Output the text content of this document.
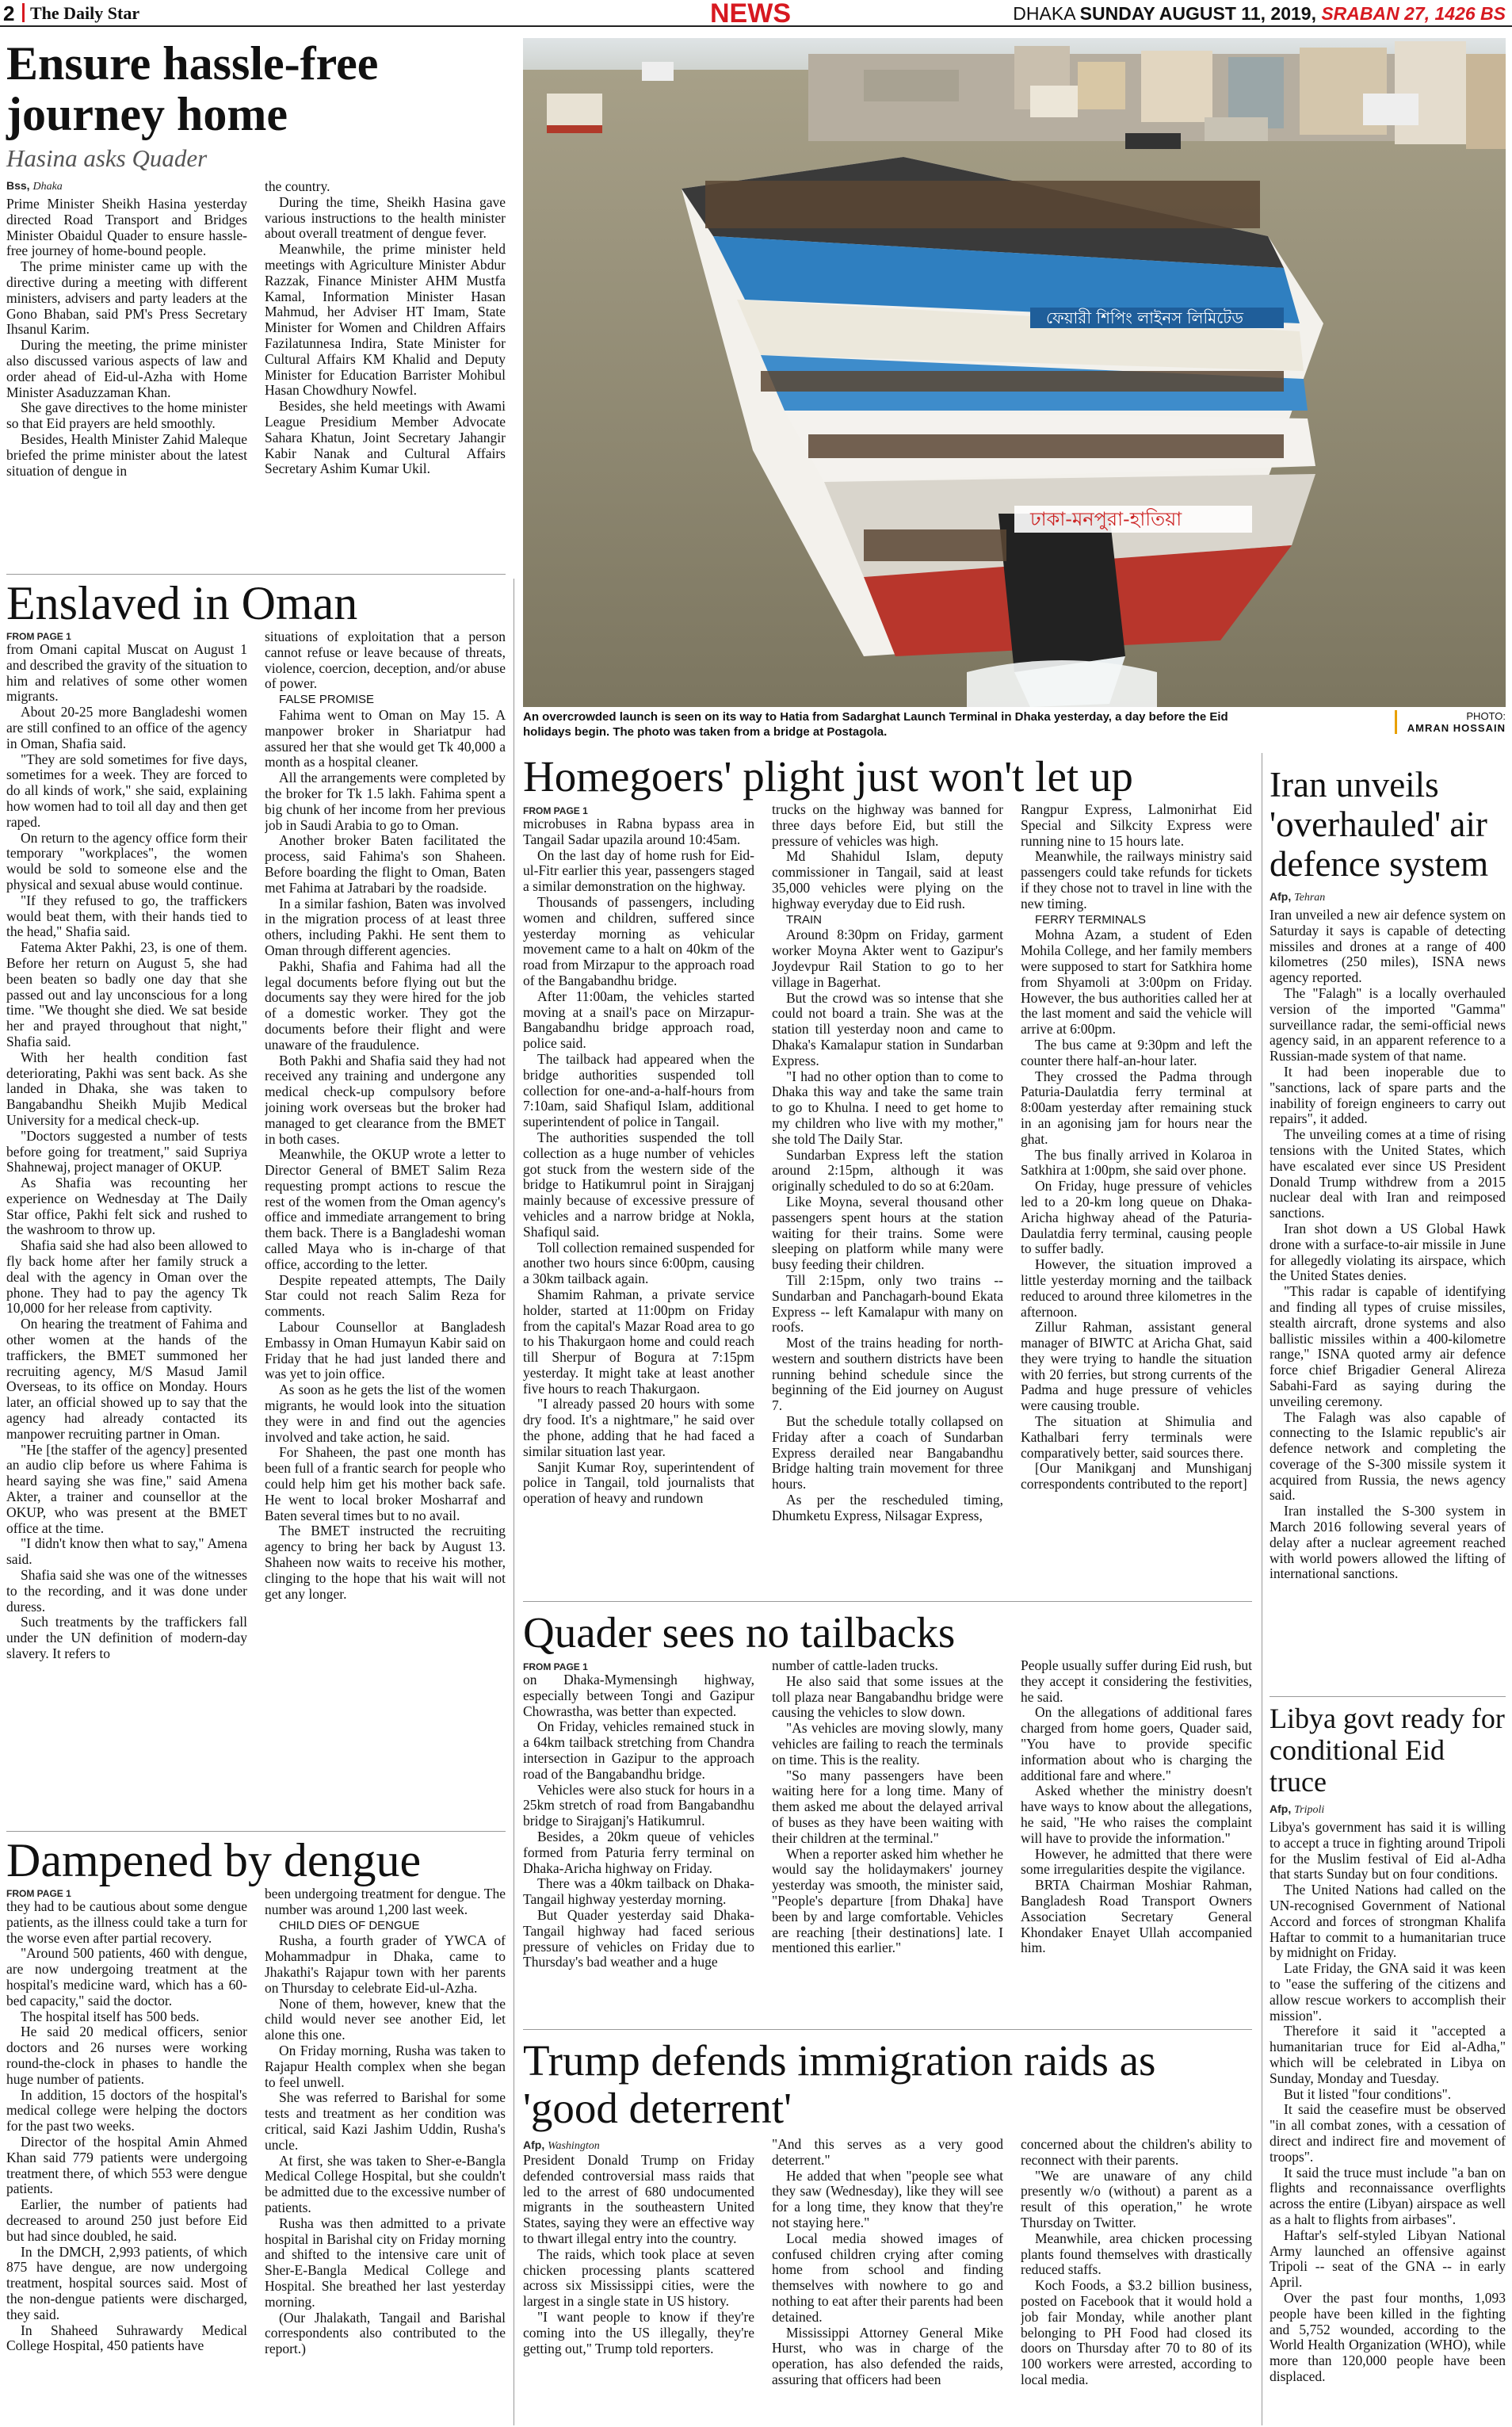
2 The Daily Star	NEWS	DHAKA SUNDAY AUGUST 11, 2019, SRABAN 27, 1426 BS
Ensure hassle-free journey home
Hasina asks Quader
Bss, Dhaka

Prime Minister Sheikh Hasina yesterday directed Road Transport and Bridges Minister Obaidul Quader to ensure hassle-free journey of home-bound people.

The prime minister came up with the directive during a meeting with different ministers, advisers and party leaders at the Gono Bhaban, said PM's Press Secretary Ihsanul Karim.

During the meeting, the prime minister also discussed various aspects of law and order ahead of Eid-ul-Azha with Home Minister Asaduzzaman Khan.

She gave directives to the home minister so that Eid prayers are held smoothly.

Besides, Health Minister Zahid Maleque briefed the prime minister about the latest situation of dengue in

the country.

During the time, Sheikh Hasina gave various instructions to the health minister about overall treatment of dengue fever.

Meanwhile, the prime minister held meetings with Agriculture Minister Abdur Razzak, Finance Minister AHM Mustfa Kamal, Information Minister Hasan Mahmud, her Adviser HT Imam, State Minister for Women and Children Affairs Fazilatunnesa Indira, State Minister for Cultural Affairs KM Khalid and Deputy Minister for Education Barrister Mohibul Hasan Chowdhury Nowfel.

Besides, she held meetings with Awami League Presidium Member Advocate Sahara Khatun, Joint Secretary Jahangir Kabir Nanak and Cultural Affairs Secretary Ashim Kumar Ukil.

ফেয়ারী শিপিং লাইনস লিমিটেড
ঢাকা-মনপুরা-হাতিয়া
An overcrowded launch is seen on its way to Hatia from Sadarghat Launch Terminal in Dhaka yesterday, a day before the Eid holidays begin. The photo was taken from a bridge at Postagola.
PHOTO:
AMRAN HOSSAIN
Enslaved in Oman
FROM PAGE 1

from Omani capital Muscat on August 1 and described the gravity of the situation to him and relatives of some other women migrants.

About 20-25 more Bangladeshi women are still confined to an office of the agency in Oman, Shafia said.

"They are sold sometimes for five days, sometimes for a week. They are forced to do all kinds of work," she said, explaining how women had to toil all day and then get raped.

On return to the agency office form their temporary "workplaces", the women would be sold to someone else and the physical and sexual abuse would continue.

"If they refused to go, the traffickers would beat them, with their hands tied to the head," Shafia said.

Fatema Akter Pakhi, 23, is one of them. Before her return on August 5, she had been beaten so badly one day that she passed out and lay unconscious for a long time. "We thought she died. We sat beside her and prayed throughout that night," Shafia said.

With her health condition fast deteriorating, Pakhi was sent back. As she landed in Dhaka, she was taken to Bangabandhu Sheikh Mujib Medical University for a medical check-up.

"Doctors suggested a number of tests before going for treatment," said Supriya Shahnewaj, project manager of OKUP.

As Shafia was recounting her experience on Wednesday at The Daily Star office, Pakhi felt sick and rushed to the washroom to throw up.

Shafia said she had also been allowed to fly back home after her family struck a deal with the agency in Oman over the phone. They had to pay the agency Tk 10,000 for her release from captivity.

On hearing the treatment of Fahima and other women at the hands of the traffickers, the BMET summoned her recruiting agency, M/S Masud Jamil Overseas, to its office on Monday. Hours later, an official showed up to say that the agency had already contacted its manpower recruiting partner in Oman.

"He [the staffer of the agency] presented an audio clip before us where Fahima is heard saying she was fine," said Amena Akter, a trainer and counsellor at the OKUP, who was present at the BMET office at the time.

"I didn't know then what to say," Amena said.

Shafia said she was one of the witnesses to the recording, and it was done under duress.

Such treatments by the traffickers fall under the UN definition of modern-day slavery. It refers to

situations of exploitation that a person cannot refuse or leave because of threats, violence, coercion, deception, and/or abuse of power.

FALSE PROMISE

Fahima went to Oman on May 15. A manpower broker in Shariatpur had assured her that she would get Tk 40,000 a month as a hospital cleaner.

All the arrangements were completed by the broker for Tk 1.5 lakh. Fahima spent a big chunk of her income from her previous job in Saudi Arabia to go to Oman.

Another broker Baten facilitated the process, said Fahima's son Shaheen. Before boarding the flight to Oman, Baten met Fahima at Jatrabari by the roadside.

In a similar fashion, Baten was involved in the migration process of at least three others, including Pakhi. He sent them to Oman through different agencies.

Pakhi, Shafia and Fahima had all the legal documents before flying out but the documents say they were hired for the job of a domestic worker. They got the documents before their flight and were unaware of the fraudulence.

Both Pakhi and Shafia said they had not received any training and undergone any medical check-up compulsory before joining work overseas but the broker had managed to get clearance from the BMET in both cases.

Meanwhile, the OKUP wrote a letter to Director General of BMET Salim Reza requesting prompt actions to rescue the rest of the women from the Oman agency's office and immediate arrangement to bring them back. There is a Bangladeshi woman called Maya who is in-charge of that office, according to the letter.

Despite repeated attempts, The Daily Star could not reach Salim Reza for comments.

Labour Counsellor at Bangladesh Embassy in Oman Humayun Kabir said on Friday that he had just landed there and was yet to join office.

As soon as he gets the list of the women migrants, he would look into the situation they were in and find out the agencies involved and take action, he said.

For Shaheen, the past one month has been full of a frantic search for people who could help him get his mother back safe. He went to local broker Mosharraf and Baten several times but to no avail.

The BMET instructed the recruiting agency to bring her back by August 13. Shaheen now waits to receive his mother, clinging to the hope that his wait will not get any longer.

Dampened by dengue
FROM PAGE 1

they had to be cautious about some dengue patients, as the illness could take a turn for the worse even after partial recovery.

"Around 500 patients, 460 with dengue, are now undergoing treatment at the hospital's medicine ward, which has a 60-bed capacity," said the doctor.

The hospital itself has 500 beds.

He said 20 medical officers, senior doctors and 26 nurses were working round-the-clock in phases to handle the huge number of patients.

In addition, 15 doctors of the hospital's medical college were helping the doctors for the past two weeks.

Director of the hospital Amin Ahmed Khan said 779 patients were undergoing treatment there, of which 553 were dengue patients.

Earlier, the number of patients had decreased to around 250 just before Eid but had since doubled, he said.

In the DMCH, 2,993 patients, of which 875 have dengue, are now undergoing treatment, hospital sources said. Most of the non-dengue patients were discharged, they said.

In Shaheed Suhrawardy Medical College Hospital, 450 patients have

been undergoing treatment for dengue. The number was around 1,200 last week.

CHILD DIES OF DENGUE

Rusha, a fourth grader of YWCA of Mohammadpur in Dhaka, came to Jhakathi's Rajapur town with her parents on Thursday to celebrate Eid-ul-Azha.

None of them, however, knew that the child would never see another Eid, let alone this one.

On Friday morning, Rusha was taken to Rajapur Health complex when she began to feel unwell.

She was referred to Barishal for some tests and treatment as her condition was critical, said Kazi Jashim Uddin, Rusha's uncle.

At first, she was taken to Sher-e-Bangla Medical College Hospital, but she couldn't be admitted due to the excessive number of patients.

Rusha was then admitted to a private hospital in Barishal city on Friday morning and shifted to the intensive care unit of Sher-E-Bangla Medical College and Hospital. She breathed her last yesterday morning.

(Our Jhalakath, Tangail and Barishal correspondents also contributed to the report.)

Homegoers' plight just won't let up
FROM PAGE 1

microbuses in Rabna bypass area in Tangail Sadar upazila around 10:45am.

On the last day of home rush for Eid-ul-Fitr earlier this year, passengers staged a similar demonstration on the highway.

Thousands of passengers, including women and children, suffered since yesterday morning as vehicular movement came to a halt on 40km of the road from Mirzapur to the approach road of the Bangabandhu bridge.

After 11:00am, the vehicles started moving at a snail's pace on Mirzapur-Bangabandhu bridge approach road, police said.

The tailback had appeared when the bridge authorities suspended toll collection for one-and-a-half-hours from 7:10am, said Shafiqul Islam, additional superintendent of police in Tangail.

The authorities suspended the toll collection as a huge number of vehicles got stuck from the western side of the bridge to Hatikumrul point in Sirajganj mainly because of excessive pressure of vehicles and a narrow bridge at Nokla, Shafiqul said.

Toll collection remained suspended for another two hours since 6:00pm, causing a 30km tailback again.

Shamim Rahman, a private service holder, started at 11:00pm on Friday from the capital's Mazar Road area to go to his Thakurgaon home and could reach till Sherpur of Bogura at 7:15pm yesterday. It might take at least another five hours to reach Thakurgaon.

"I already passed 20 hours with some dry food. It's a nightmare," he said over the phone, adding that he had faced a similar situation last year.

Sanjit Kumar Roy, superintendent of police in Tangail, told journalists that operation of heavy and rundown

trucks on the highway was banned for three days before Eid, but still the pressure of vehicles was high.

Md Shahidul Islam, deputy commissioner in Tangail, said at least 35,000 vehicles were plying on the highway everyday due to Eid rush.

TRAIN

Around 8:30pm on Friday, garment worker Moyna Akter went to Gazipur's Joydevpur Rail Station to go to her village in Bagerhat.

But the crowd was so intense that she could not board a train. She was at the station till yesterday noon and came to Dhaka's Kamalapur station in Sundarban Express.

"I had no other option than to come to Dhaka this way and take the same train to go to Khulna. I need to get home to my children who live with my mother," she told The Daily Star.

Sundarban Express left the station around 2:15pm, although it was originally scheduled to do so at 6:20am.

Like Moyna, several thousand other passengers spent hours at the station waiting for their trains. Some were sleeping on platform while many were busy feeding their children.

Till 2:15pm, only two trains -- Sundarban and Panchagarh-bound Ekata Express -- left Kamalapur with many on roofs.

Most of the trains heading for north-western and southern districts have been running behind schedule since the beginning of the Eid journey on August 7.

But the schedule totally collapsed on Friday after a coach of Sundarban Express derailed near Bangabandhu Bridge halting train movement for three hours.

As per the rescheduled timing, Dhumketu Express, Nilsagar Express,

Rangpur Express, Lalmonirhat Eid Special and Silkcity Express were running nine to 15 hours late.

Meanwhile, the railways ministry said passengers could take refunds for tickets if they chose not to travel in line with the new timing.

FERRY TERMINALS

Mohna Azam, a student of Eden Mohila College, and her family members were supposed to start for Satkhira home from Shyamoli at 3:00pm on Friday. However, the bus authorities called her at the last moment and said the vehicle will arrive at 6:00pm.

The bus came at 9:30pm and left the counter there half-an-hour later.

They crossed the Padma through Paturia-Daulatdia ferry terminal at 8:00am yesterday after remaining stuck in an agonising jam for hours near the ghat.

The bus finally arrived in Kolaroa in Satkhira at 1:00pm, she said over phone.

On Friday, huge pressure of vehicles led to a 20-km long queue on Dhaka-Aricha highway ahead of the Paturia-Daulatdia ferry terminal, causing people to suffer badly.

However, the situation improved a little yesterday morning and the tailback reduced to around three kilometres in the afternoon.

Zillur Rahman, assistant general manager of BIWTC at Aricha Ghat, said they were trying to handle the situation with 20 ferries, but strong currents of the Padma and huge pressure of vehicles were causing trouble.

The situation at Shimulia and Kathalbari ferry terminals were comparatively better, said sources there.

[Our Manikganj and Munshiganj correspondents contributed to the report]

Quader sees no tailbacks
FROM PAGE 1

on Dhaka-Mymensingh highway, especially between Tongi and Gazipur Chowrastha, was better than expected.

On Friday, vehicles remained stuck in a 64km tailback stretching from Chandra intersection in Gazipur to the approach road of the Bangabandhu bridge.

Vehicles were also stuck for hours in a 25km stretch of road from Bangabandhu bridge to Sirajganj's Hatikumrul.

Besides, a 20km queue of vehicles formed from Paturia ferry terminal on Dhaka-Aricha highway on Friday.

There was a 40km tailback on Dhaka-Tangail highway yesterday morning.

But Quader yesterday said Dhaka-Tangail highway had faced serious pressure of vehicles on Friday due to Thursday's bad weather and a huge

number of cattle-laden trucks.

He also said that some issues at the toll plaza near Bangabandhu bridge were causing the vehicles to slow down.

"As vehicles are moving slowly, many vehicles are failing to reach the terminals on time. This is the reality.

"So many passengers have been waiting here for a long time. Many of them asked me about the delayed arrival of buses as they have been waiting with their children at the terminal."

When a reporter asked him whether he would say the holidaymakers' journey yesterday was smooth, the minister said, "People's departure [from Dhaka] have been by and large comfortable. Vehicles are reaching [their destinations] late. I mentioned this earlier."

People usually suffer during Eid rush, but they accept it considering the festivities, he said.

On the allegations of additional fares charged from home goers, Quader said, "You have to provide specific information about who is charging the additional fare and where."

Asked whether the ministry doesn't have ways to know about the allegations, he said, "He who raises the complaint will have to provide the information."

However, he admitted that there were some irregularities despite the vigilance.

BRTA Chairman Moshiar Rahman, Bangladesh Road Transport Owners Association Secretary General Khondaker Enayet Ullah accompanied him.

Trump defends immigration raids as 'good deterrent'
Afp, Washington

President Donald Trump on Friday defended controversial mass raids that led to the arrest of 680 undocumented migrants in the southeastern United States, saying they were an effective way to thwart illegal entry into the country.

The raids, which took place at seven chicken processing plants scattered across six Mississippi cities, were the largest in a single state in US history.

"I want people to know if they're coming into the US illegally, they're getting out," Trump told reporters.

"And this serves as a very good deterrent."

He added that when "people see what they saw (Wednesday), like they will see for a long time, they know that they're not staying here."

Local media showed images of confused children crying after coming home from school and finding themselves with nowhere to go and nothing to eat after their parents had been detained.

Mississippi Attorney General Mike Hurst, who was in charge of the operation, has also defended the raids, assuring that officers had been

concerned about the children's ability to reconnect with their parents.

"We are unaware of any child presently w/o (without) a parent as a result of this operation," he wrote Thursday on Twitter.

Meanwhile, area chicken processing plants found themselves with drastically reduced staffs.

Koch Foods, a $3.2 billion business, posted on Facebook that it would hold a job fair Monday, while another plant belonging to PH Food had closed its doors on Thursday after 70 to 80 of its 100 workers were arrested, according to local media.

Iran unveils 'overhauled' air defence system
Afp, Tehran

Iran unveiled a new air defence system on Saturday it says is capable of detecting missiles and drones at a range of 400 kilometres (250 miles), ISNA news agency reported.

The "Falagh" is a locally overhauled version of the imported "Gamma" surveillance radar, the semi-official news agency said, in an apparent reference to a Russian-made system of that name.

It had been inoperable due to "sanctions, lack of spare parts and the inability of foreign engineers to carry out repairs", it added.

The unveiling comes at a time of rising tensions with the United States, which have escalated ever since US President Donald Trump withdrew from a 2015 nuclear deal with Iran and reimposed sanctions.

Iran shot down a US Global Hawk drone with a surface-to-air missile in June for allegedly violating its airspace, which the United States denies.

"This radar is capable of identifying and finding all types of cruise missiles, stealth aircraft, drone systems and also ballistic missiles within a 400-kilometre range," ISNA quoted army air defence force chief Brigadier General Alireza Sabahi-Fard as saying during the unveiling ceremony.

The Falagh was also capable of connecting to the Islamic republic's air defence network and completing the coverage of the S-300 missile system it acquired from Russia, the news agency said.

Iran installed the S-300 system in March 2016 following several years of delay after a nuclear agreement reached with world powers allowed the lifting of international sanctions.

Libya govt ready for conditional Eid truce
Afp, Tripoli

Libya's government has said it is willing to accept a truce in fighting around Tripoli for the Muslim festival of Eid al-Adha that starts Sunday but on four conditions.

The United Nations had called on the UN-recognised Government of National Accord and forces of strongman Khalifa Haftar to commit to a humanitarian truce by midnight on Friday.

Late Friday, the GNA said it was keen to "ease the suffering of the citizens and allow rescue workers to accomplish their mission".

Therefore it said it "accepted a humanitarian truce for Eid al-Adha," which will be celebrated in Libya on Sunday, Monday and Tuesday.

But it listed "four conditions".

It said the ceasefire must be observed "in all combat zones, with a cessation of direct and indirect fire and movement of troops".

It said the truce must include "a ban on flights and reconnaissance overflights across the entire (Libyan) airspace as well as a halt to flights from airbases".

Haftar's self-styled Libyan National Army launched an offensive against Tripoli -- seat of the GNA -- in early April.

Over the past four months, 1,093 people have been killed in the fighting and 5,752 wounded, according to the World Health Organization (WHO), while more than 120,000 people have been displaced.
